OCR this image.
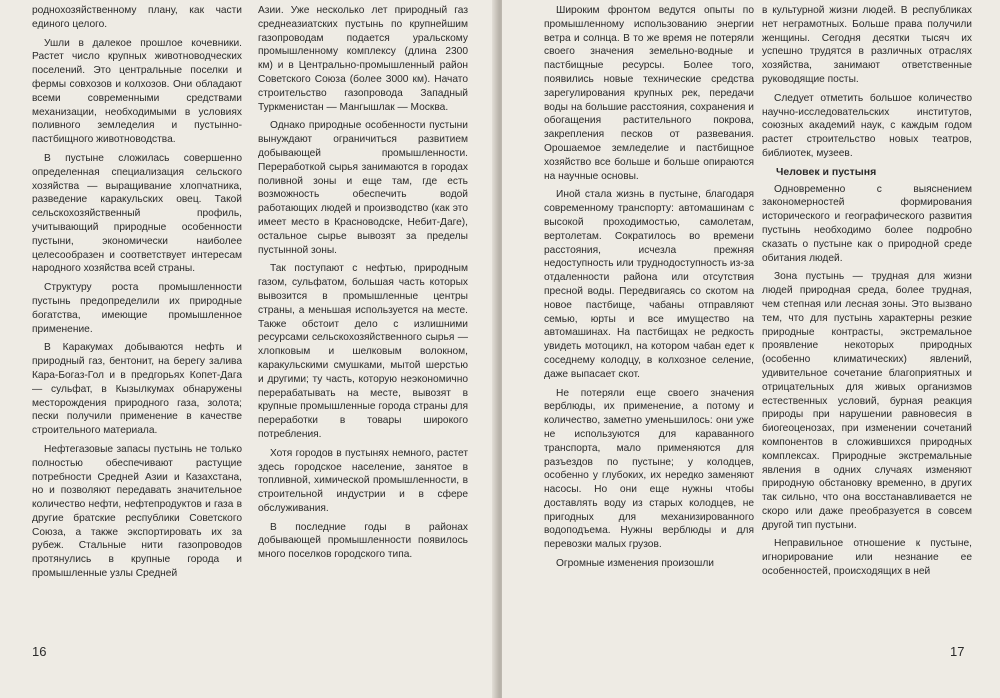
роднохозяйственному плану, как части единого целого.

Ушли в далекое прошлое кочевники. Растет число крупных животноводческих поселений. Это центральные поселки и фермы совхозов и колхозов. Они обладают всеми современными средствами механизации, необходимыми в условиях поливного земледелия и пустынно-пастбищного животноводства.

В пустыне сложилась совершенно определенная специализация сельского хозяйства — выращивание хлопчатника, разведение каракульских овец. Такой сельскохозяйственный профиль, учитывающий природные особенности пустыни, экономически наиболее целесообразен и соответствует интересам народного хозяйства всей страны.

Структуру роста промышленности пустынь предопределили их природные богатства, имеющие промышленное применение.

В Каракумах добываются нефть и природный газ, бентонит, на берегу залива Кара-Богаз-Гол и в предгорьях Копет-Дага — сульфат, в Кызылкумах обнаружены месторождения природного газа, золота; пески получили применение в качестве строительного материала.

Нефтегазовые запасы пустынь не только полностью обеспечивают растущие потребности Средней Азии и Казахстана, но и позволяют передавать значительное количество нефти, нефтепродуктов и газа в другие братские республики Советского Союза, а также экспортировать их за рубеж. Стальные нити газопроводов протянулись в крупные города и промышленные узлы Средней

Азии. Уже несколько лет природный газ среднеазиатских пустынь по крупнейшим газопроводам подается уральскому промышленному комплексу (длина 2300 км) и в Центрально-промышленный район Советского Союза (более 3000 км). Начато строительство газопровода Западный Туркменистан — Мангышлак — Москва.

Однако природные особенности пустыни вынуждают ограничиться развитием добывающей промышленности. Переработкой сырья занимаются в городах поливной зоны и еще там, где есть возможность обеспечить водой работающих людей и производство (как это имеет место в Красноводске, Небит-Даге), остальное сырье вывозят за пределы пустынной зоны.

Так поступают с нефтью, природным газом, сульфатом, большая часть которых вывозится в промышленные центры страны, а меньшая используется на месте. Также обстоит дело с излишними ресурсами сельскохозяйственного сырья — хлопковым и шелковым волокном, каракульскими смушками, мытой шерстью и другими; ту часть, которую неэкономично перерабатывать на месте, вывозят в крупные промышленные города страны для переработки в товары широкого потребления.

Хотя городов в пустынях немного, растет здесь городское население, занятое в топливной, химической промышленности, в строительной индустрии и в сфере обслуживания.

В последние годы в районах добывающей промышленности появилось много поселков городского типа.

16

Широким фронтом ведутся опыты по промышленному использованию энергии ветра и солнца. В то же время не потеряли своего значения земельно-водные и пастбищные ресурсы. Более того, появились новые технические средства зарегулирования крупных рек, передачи воды на большие расстояния, сохранения и обогащения растительного покрова, закрепления песков от развевания. Орошаемое земледелие и пастбищное хозяйство все больше и больше опираются на научные основы.

Иной стала жизнь в пустыне, благодаря современному транспорту: автомашинам с высокой проходимостью, самолетам, вертолетам. Сократилось во времени расстояния, исчезла прежняя недоступность или труднодоступность из-за отдаленности района или отсутствия пресной воды. Передвигаясь со скотом на новое пастбище, чабаны отправляют семью, юрты и все имущество на автомашинах. На пастбищах не редкость увидеть мотоцикл, на котором чабан едет к соседнему колодцу, в колхозное селение, даже выпасает скот.

Не потеряли еще своего значения верблюды, их применение, а потому и количество, заметно уменьшилось: они уже не используются для караванного транспорта, мало применяются для разъездов по пустыне; у колодцев, особенно у глубоких, их нередко заменяют насосы. Но они еще нужны чтобы доставлять воду из старых колодцев, не пригодных для механизированного водоподъема. Нужны верблюды и для перевозки малых грузов.

Огромные изменения произошли

в культурной жизни людей. В республиках нет неграмотных. Больше права получили женщины. Сегодня десятки тысяч их успешно трудятся в различных отраслях хозяйства, занимают ответственные руководящие посты.

Следует отметить большое количество научно-исследовательских институтов, союзных академий наук, с каждым годом растет строительство новых театров, библиотек, музеев.

Человек и пустыня

Одновременно с выяснением закономерностей формирования исторического и географического развития пустынь необходимо более подробно сказать о пустыне как о природной среде обитания людей.

Зона пустынь — трудная для жизни людей природная среда, более трудная, чем степная или лесная зоны. Это вызвано тем, что для пустынь характерны резкие природные контрасты, экстремальное проявление некоторых природных (особенно климатических) явлений, удивительное сочетание благоприятных и отрицательных для живых организмов естественных условий, бурная реакция природы при нарушении равновесия в биогеоценозах, при изменении сочетаний компонентов в сложившихся природных комплексах. Природные экстремальные явления в одних случаях изменяют природную обстановку временно, в других так сильно, что она восстанавливается не скоро или даже преобразуется в совсем другой тип пустыни.

Неправильное отношение к пустыне, игнорирование или незнание ее особенностей, происходящих в ней

17
